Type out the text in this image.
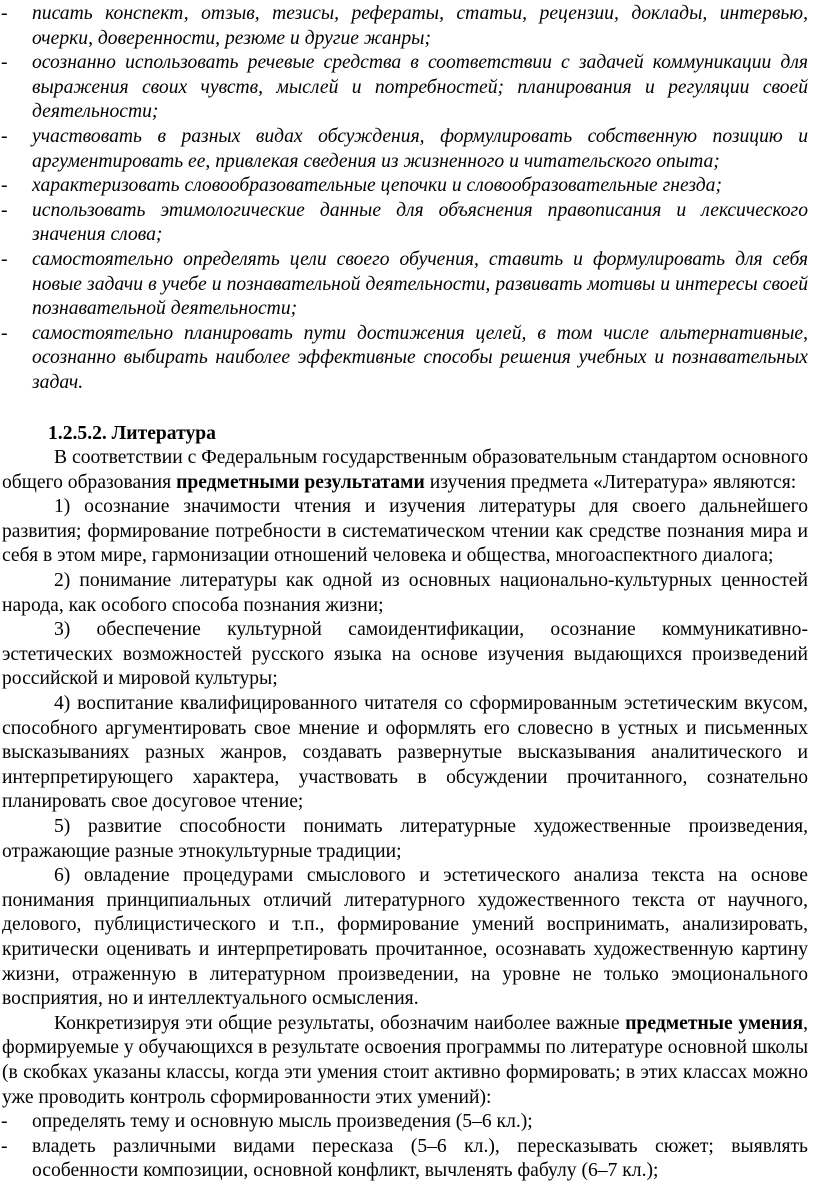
- писать конспект, отзыв, тезисы, рефераты, статьи, рецензии, доклады, интервью, очерки, доверенности, резюме и другие жанры;
- осознанно использовать речевые средства в соответствии с задачей коммуникации для выражения своих чувств, мыслей и потребностей; планирования и регуляции своей деятельности;
- участвовать в разных видах обсуждения, формулировать собственную позицию и аргументировать ее, привлекая сведения из жизненного и читательского опыта;
- характеризовать словообразовательные цепочки и словообразовательные гнезда;
- использовать этимологические данные для объяснения правописания и лексического значения слова;
- самостоятельно определять цели своего обучения, ставить и формулировать для себя новые задачи в учебе и познавательной деятельности, развивать мотивы и интересы своей познавательной деятельности;
- самостоятельно планировать пути достижения целей, в том числе альтернативные, осознанно выбирать наиболее эффективные способы решения учебных и познавательных задач.
1.2.5.2. Литература

В соответствии с Федеральным государственным образовательным стандартом основного общего образования предметными результатами изучения предмета «Литература» являются:

1) осознание значимости чтения и изучения литературы для своего дальнейшего развития; формирование потребности в систематическом чтении как средстве познания мира и себя в этом мире, гармонизации отношений человека и общества, многоаспектного диалога;

2) понимание литературы как одной из основных национально-культурных ценностей народа, как особого способа познания жизни;

3) обеспечение культурной самоидентификации, осознание коммуникативно-эстетических возможностей русского языка на основе изучения выдающихся произведений российской и мировой культуры;

4) воспитание квалифицированного читателя со сформированным эстетическим вкусом, способного аргументировать свое мнение и оформлять его словесно в устных и письменных высказываниях разных жанров, создавать развернутые высказывания аналитического и интерпретирующего характера, участвовать в обсуждении прочитанного, сознательно планировать свое досуговое чтение;

5) развитие способности понимать литературные художественные произведения, отражающие разные этнокультурные традиции;

6) овладение процедурами смыслового и эстетического анализа текста на основе понимания принципиальных отличий литературного художественного текста от научного, делового, публицистического и т.п., формирование умений воспринимать, анализировать, критически оценивать и интерпретировать прочитанное, осознавать художественную картину жизни, отраженную в литературном произведении, на уровне не только эмоционального восприятия, но и интеллектуального осмысления.

Конкретизируя эти общие результаты, обозначим наиболее важные предметные умения, формируемые у обучающихся в результате освоения программы по литературе основной школы (в скобках указаны классы, когда эти умения стоит активно формировать; в этих классах можно уже проводить контроль сформированности этих умений):

- определять тему и основную мысль произведения (5–6 кл.);
- владеть различными видами пересказа (5–6 кл.), пересказывать сюжет; выявлять особенности композиции, основной конфликт, вычленять фабулу (6–7 кл.);
